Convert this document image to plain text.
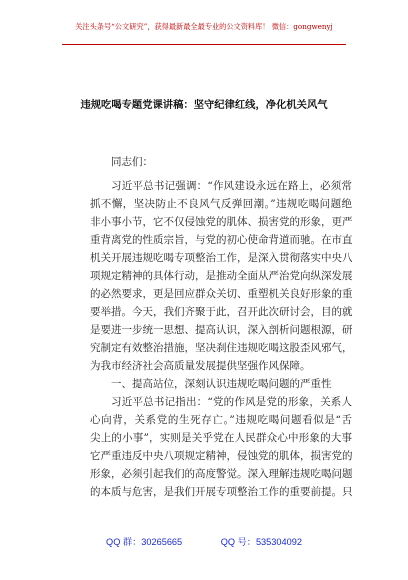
关注头条号“公文研究”，获得最新最全最专业的公文资料库！ 微信：gongwenyj
违规吃喝专题党课讲稿：坚守纪律红线，净化机关风气
同志们：
习近平总书记强调：“作风建设永远在路上，必须常
抓不懈，坚决防止不良风气反弹回潮。”违规吃喝问题绝
非小事小节，它不仅侵蚀党的肌体、损害党的形象，更严
重背离党的性质宗旨，与党的初心使命背道而驰。在市直
机关开展违规吃喝专项整治工作，是深入贯彻落实中央八
项规定精神的具体行动，是推动全面从严治党向纵深发展
的必然要求，更是回应群众关切、重塑机关良好形象的重
要举措。今天，我们齐聚于此，召开此次研讨会，目的就
是要进一步统一思想、提高认识，深入剖析问题根源，研
究制定有效整治措施，坚决刹住违规吃喝这股歪风邪气，
为我市经济社会高质量发展提供坚强作风保障。
一、提高站位，深刻认识违规吃喝问题的严重性
习近平总书记指出：“党的作风是党的形象，关系人
心向背，关系党的生死存亡。”违规吃喝问题看似是“舌
尖上的小事”，实则是关乎党在人民群众心中形象的大事
它严重违反中央八项规定精神，侵蚀党的肌体，损害党的
形象，必须引起我们的高度警觉。深入理解违规吃喝问题
的本质与危害，是我们开展专项整治工作的重要前提。只
QQ 群：30265665	QQ 号：535304092
